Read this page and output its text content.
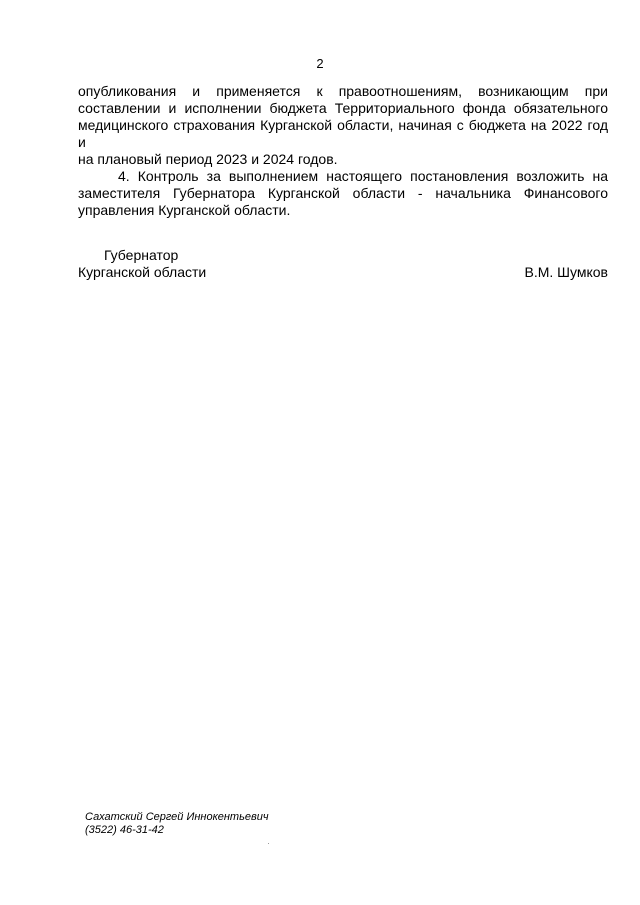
2

опубликования и применяется к правоотношениям, возникающим при
составлении и исполнении бюджета Территориального фонда обязательного
медицинского страхования Курганской области, начиная с бюджета на 2022 год и
на плановый период 2023 и 2024 годов.

4. Контроль за выполнением настоящего постановления возложить на
заместителя Губернатора Курганской области - начальника Финансового
управления Курганской области.

Губернатор
Курганской области	В.М. Шумков
Сахатский Сергей Иннокентьевич
(3522) 46-31-42
